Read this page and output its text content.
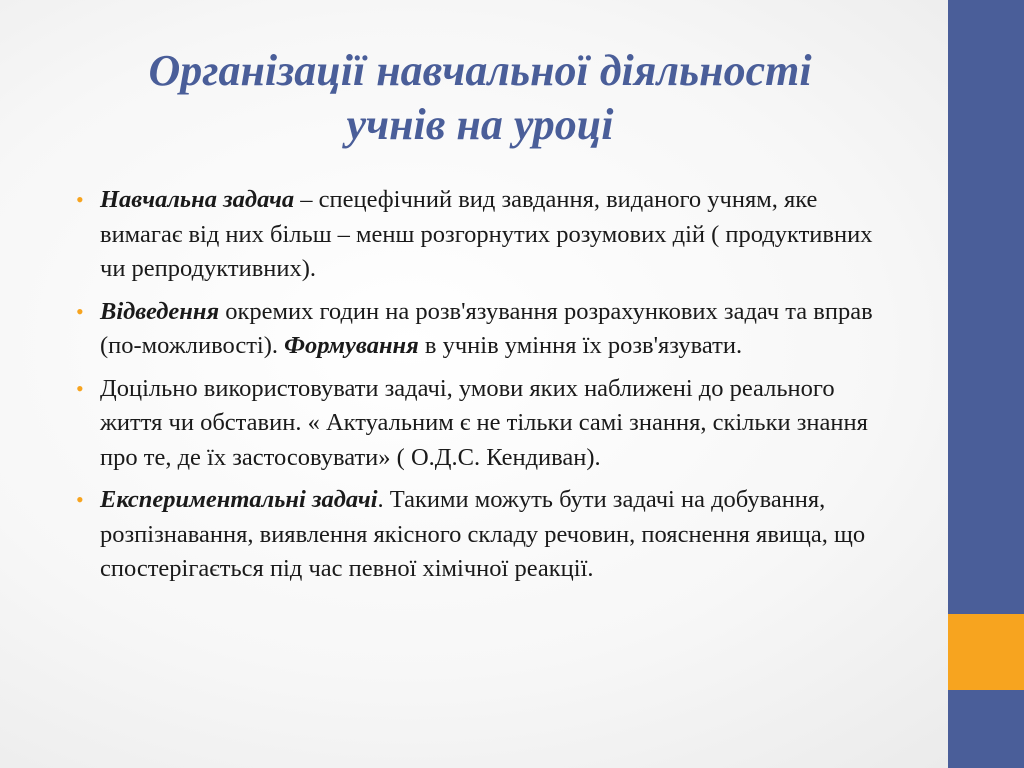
Організації навчальної діяльності
учнів на уроці
• Навчальна задача – спецефічний вид завдання, виданого учням, яке вимагає від них більш – менш розгорнутих розумових дій ( продуктивних чи репродуктивних).
• Відведення окремих годин на розв'язування розрахункових задач та вправ (по-можливості). Формування в учнів уміння їх розв'язувати.
• Доцільно використовувати задачі, умови яких наближені до реального життя чи обставин. « Актуальним є не тільки самі знання, скільки знання про те, де їх застосовувати» ( О.Д.С. Кендиван).
• Експериментальні задачі. Такими можуть бути задачі на добування, розпізнавання, виявлення якісного складу речовин, пояснення явища, що спостерігається під час певної хімічної реакції.
